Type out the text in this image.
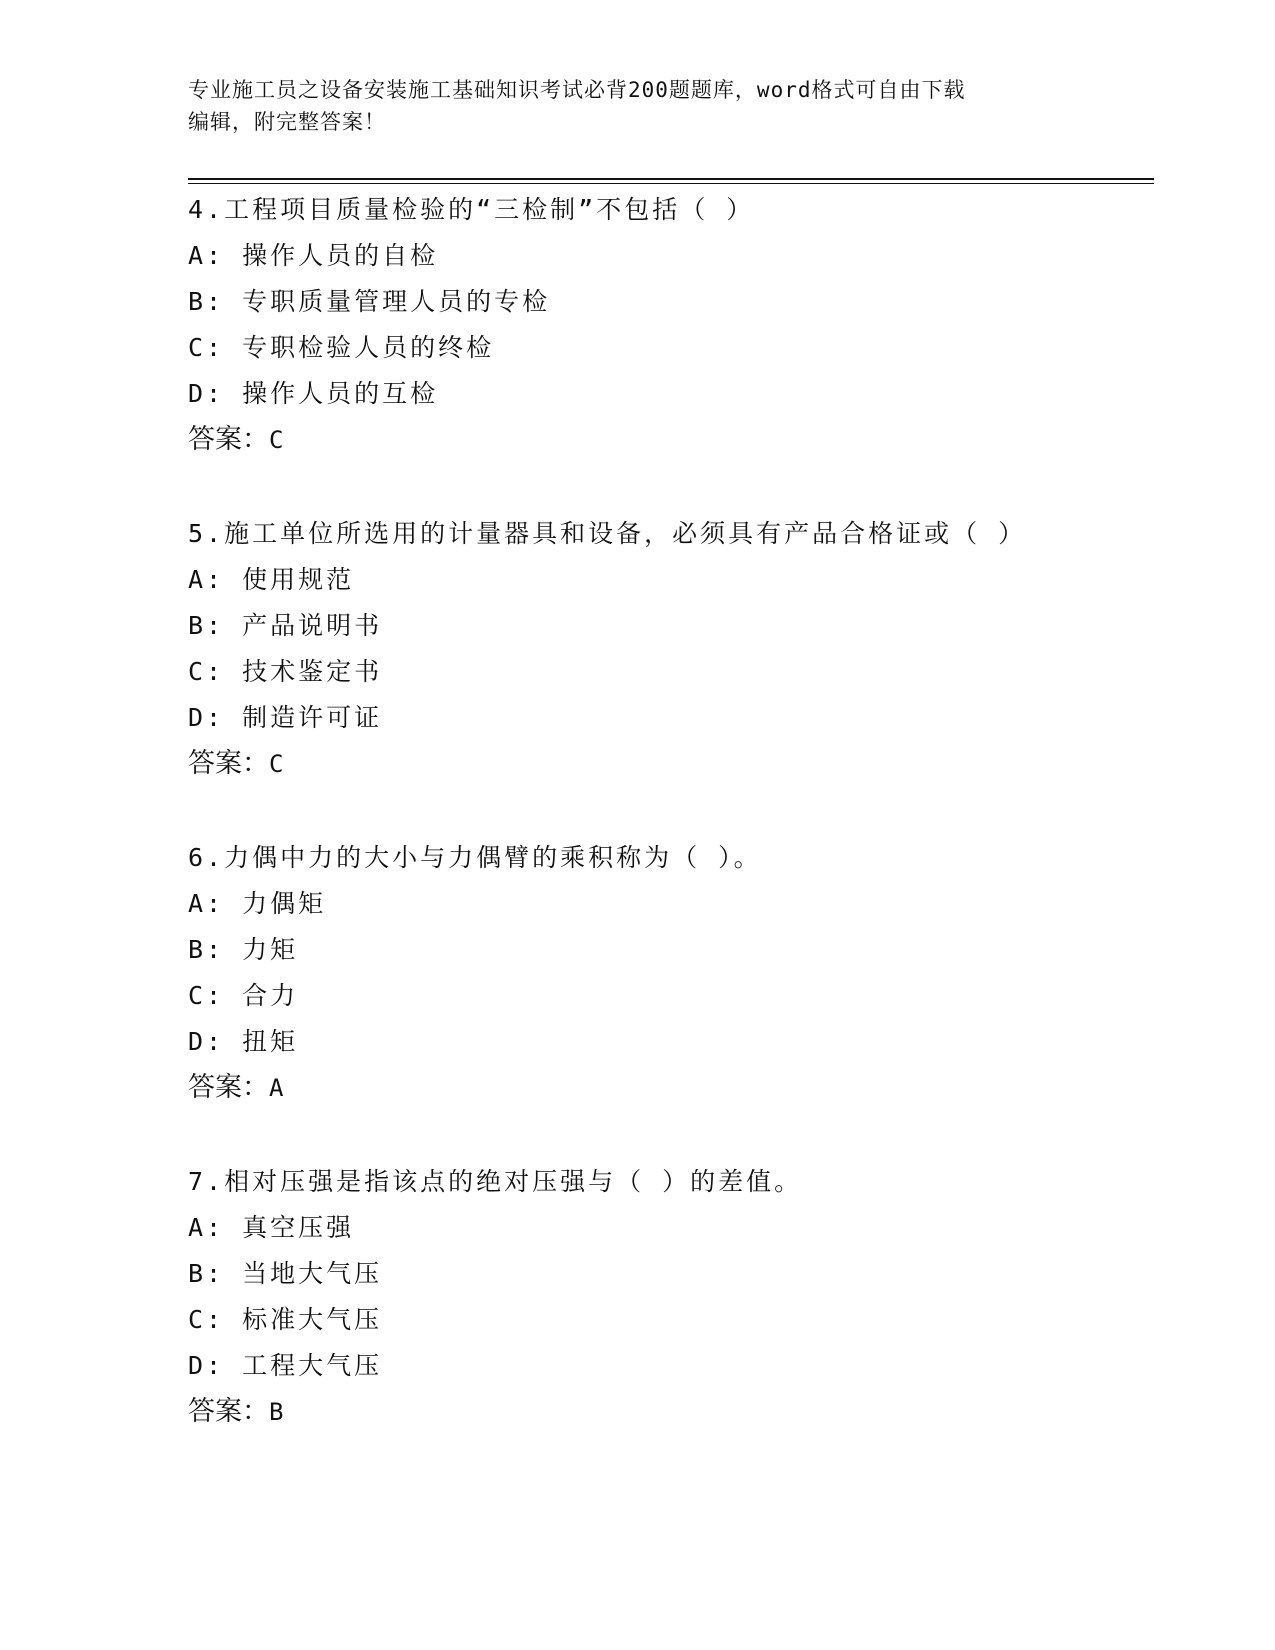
专业施工员之设备安装施工基础知识考试必背200题题库，word格式可自由下载
编辑，附完整答案！
4.工程项目质量检验的“三检制”不包括（ ）
A: 操作人员的自检
B: 专职质量管理人员的专检
C: 专职检验人员的终检
D: 操作人员的互检
答案：C
5.施工单位所选用的计量器具和设备，必须具有产品合格证或（ ）
A: 使用规范
B: 产品说明书
C: 技术鉴定书
D: 制造许可证
答案：C
6.力偶中力的大小与力偶臂的乘积称为（ ）。
A: 力偶矩
B: 力矩
C: 合力
D: 扭矩
答案：A
7.相对压强是指该点的绝对压强与（ ）的差值。
A: 真空压强
B: 当地大气压
C: 标准大气压
D: 工程大气压
答案：B
